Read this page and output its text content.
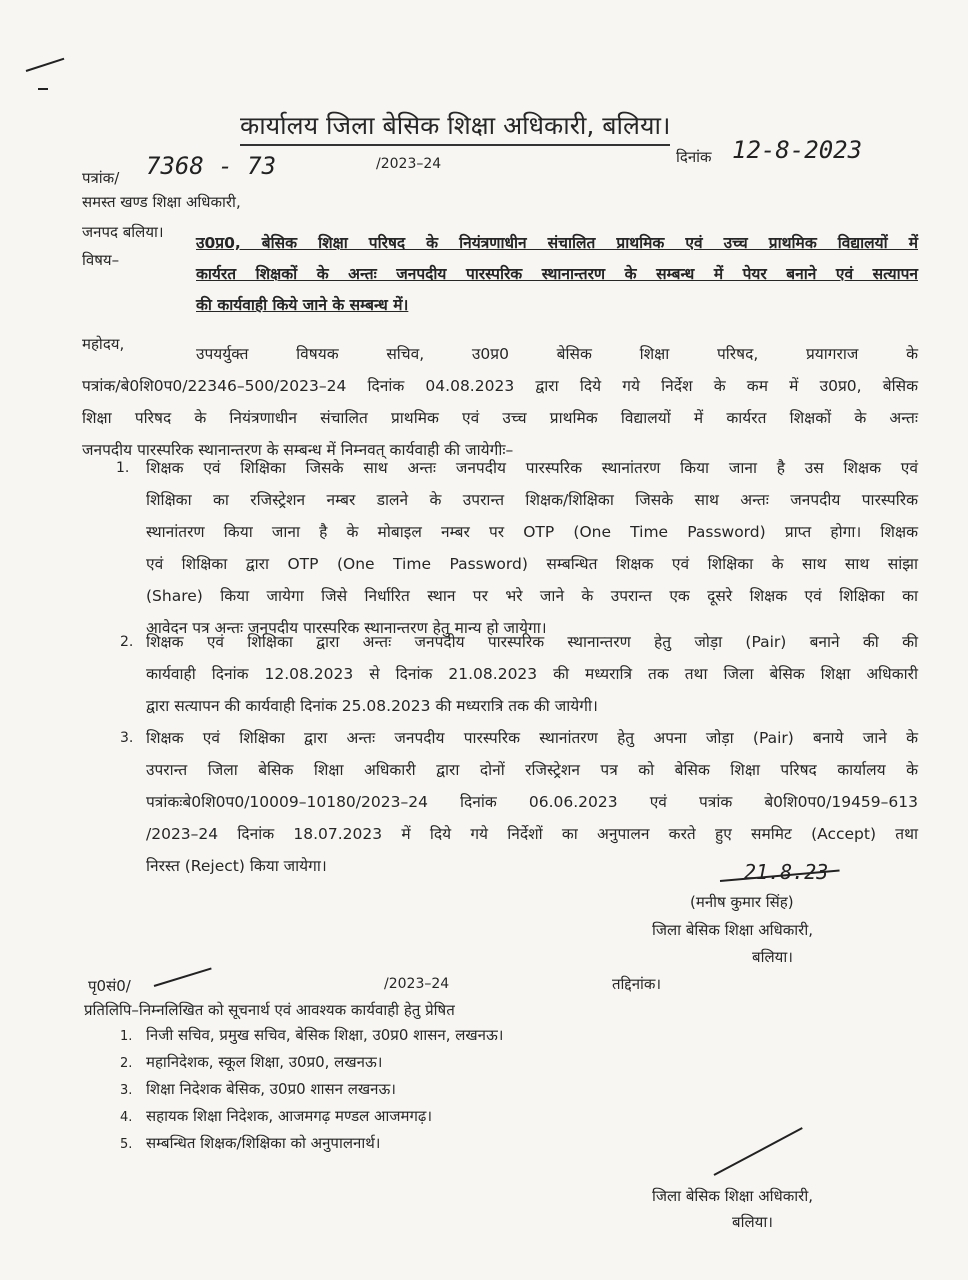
कार्यालय जिला बेसिक शिक्षा अधिकारी, बलिया।
पत्रांक/ 7368 - 73	/2023–24	दिनांक 12-8-2023
समस्त खण्ड शिक्षा अधिकारी,
जनपद बलिया।
विषय–
उ0प्र0, बेसिक शिक्षा परिषद के नियंत्रणाधीन संचालित प्राथमिक एवं उच्च प्राथमिक विद्यालयों में
कार्यरत शिक्षकों के अन्तः जनपदीय पारस्परिक स्थानान्तरण के सम्बन्ध में पेयर बनाने एवं सत्यापन
की कार्यवाही किये जाने के सम्बन्ध में।
महोदय,
उपयर्युक्त विषयक सचिव, उ0प्र0 बेसिक शिक्षा परिषद, प्रयागराज के
पत्रांक/बे0शि0प0/22346–500/2023–24 दिनांक 04.08.2023 द्वारा दिये गये निर्देश के कम में उ0प्र0, बेसिक
शिक्षा परिषद के नियंत्रणाधीन संचालित प्राथमिक एवं उच्च प्राथमिक विद्यालयों में कार्यरत शिक्षकों के अन्तः
जनपदीय पारस्परिक स्थानान्तरण के सम्बन्ध में निम्नवत् कार्यवाही की जायेगीः–
1. शिक्षक एवं शिक्षिका जिसके साथ अन्तः जनपदीय पारस्परिक स्थानांतरण किया जाना है उस शिक्षक एवं
शिक्षिका का रजिस्ट्रेशन नम्बर डालने के उपरान्त शिक्षक/शिक्षिका जिसके साथ अन्तः जनपदीय पारस्परिक
स्थानांतरण किया जाना है के मोबाइल नम्बर पर OTP (One Time Password) प्राप्त होगा। शिक्षक
एवं शिक्षिका द्वारा OTP (One Time Password) सम्बन्धित शिक्षक एवं शिक्षिका के साथ साथ सांझा
(Share) किया जायेगा जिसे निर्धारित स्थान पर भरे जाने के उपरान्त एक दूसरे शिक्षक एवं शिक्षिका का
आवेदन पत्र अन्तः जनपदीय पारस्परिक स्थानान्तरण हेतु मान्य हो जायेगा।
2. शिक्षक एवं शिक्षिका द्वारा अन्तः जनपदीय पारस्परिक स्थानान्तरण हेतु जोड़ा (Pair) बनाने की की
कार्यवाही दिनांक 12.08.2023 से दिनांक 21.08.2023 की मध्यरात्रि तक तथा जिला बेसिक शिक्षा अधिकारी
द्वारा सत्यापन की कार्यवाही दिनांक 25.08.2023 की मध्यरात्रि तक की जायेगी।
3. शिक्षक एवं शिक्षिका द्वारा अन्तः जनपदीय पारस्परिक स्थानांतरण हेतु अपना जोड़ा (Pair) बनाये जाने के
उपरान्त जिला बेसिक शिक्षा अधिकारी द्वारा दोनों रजिस्ट्रेशन पत्र को बेसिक शिक्षा परिषद कार्यालय के
पत्रांकःबे0शि0प0/10009–10180/2023–24 दिनांक 06.06.2023 एवं पत्रांक बे0शि0प0/19459–613
/2023–24 दिनांक 18.07.2023 में दिये गये निर्देशों का अनुपालन करते हुए सममिट (Accept) तथा
निरस्त (Reject) किया जायेगा।	21.8.23
(मनीष कुमार सिंह)
जिला बेसिक शिक्षा अधिकारी,
बलिया।
पृ0सं0/	/2023–24	तद्दिनांक।
प्रतिलिपि–निम्नलिखित को सूचनार्थ एवं आवश्यक कार्यवाही हेतु प्रेषित
1. निजी सचिव, प्रमुख सचिव, बेसिक शिक्षा, उ0प्र0 शासन, लखनऊ।
2. महानिदेशक, स्कूल शिक्षा, उ0प्र0, लखनऊ।
3. शिक्षा निदेशक बेसिक, उ0प्र0 शासन लखनऊ।
4. सहायक शिक्षा निदेशक, आजमगढ़ मण्डल आजमगढ़।
5. सम्बन्धित शिक्षक/शिक्षिका को अनुपालनार्थ।
जिला बेसिक शिक्षा अधिकारी,
बलिया।
